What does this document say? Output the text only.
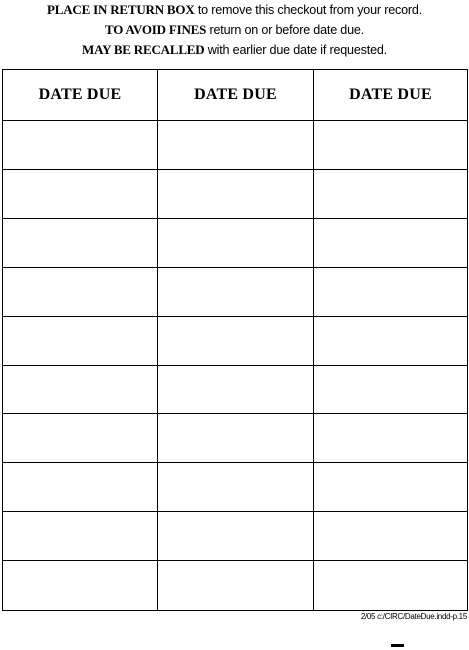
PLACE IN RETURN BOX to remove this checkout from your record.
TO AVOID FINES return on or before date due.
MAY BE RECALLED with earlier due date if requested.
DATE DUE	DATE DUE	DATE DUE
2/05 c:/CIRC/DateDue.indd-p.15
